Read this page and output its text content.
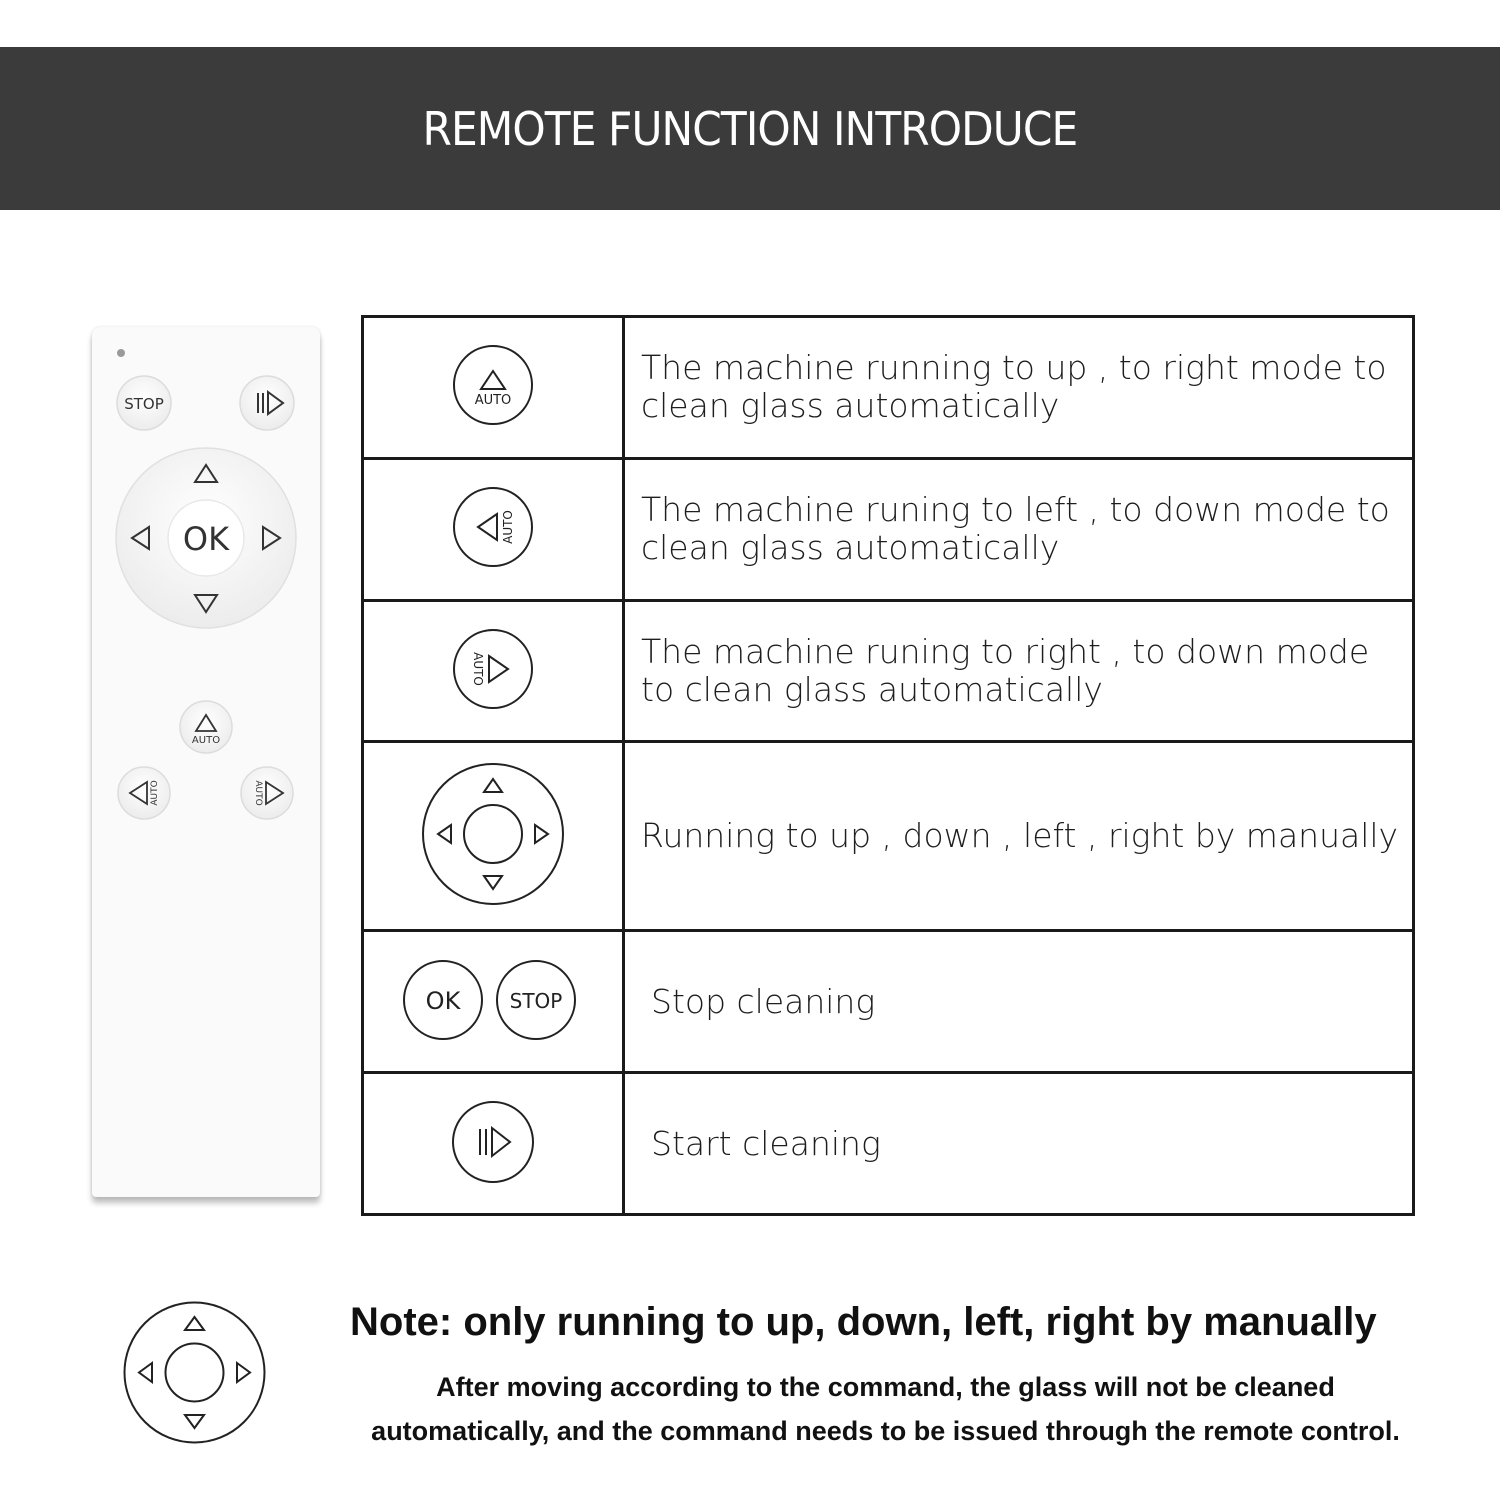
REMOTE FUNCTION INTRODUCE
STOP
OK
AUTO
AUTO	AUTO
AUTO	The machine running to up , to right mode to clean glass automatically

AUTO	The machine runing to left , to down mode to clean glass automatically

AUTO	The machine runing to right , to down mode to clean glass automatically
	Running to up , down , left , right by manually

OK STOP	Stop cleaning
	Start cleaning
Note: only running to up, down, left, right by manually
After moving according to the command, the glass will not be cleaned
automatically, and the command needs to be issued through the remote control.
